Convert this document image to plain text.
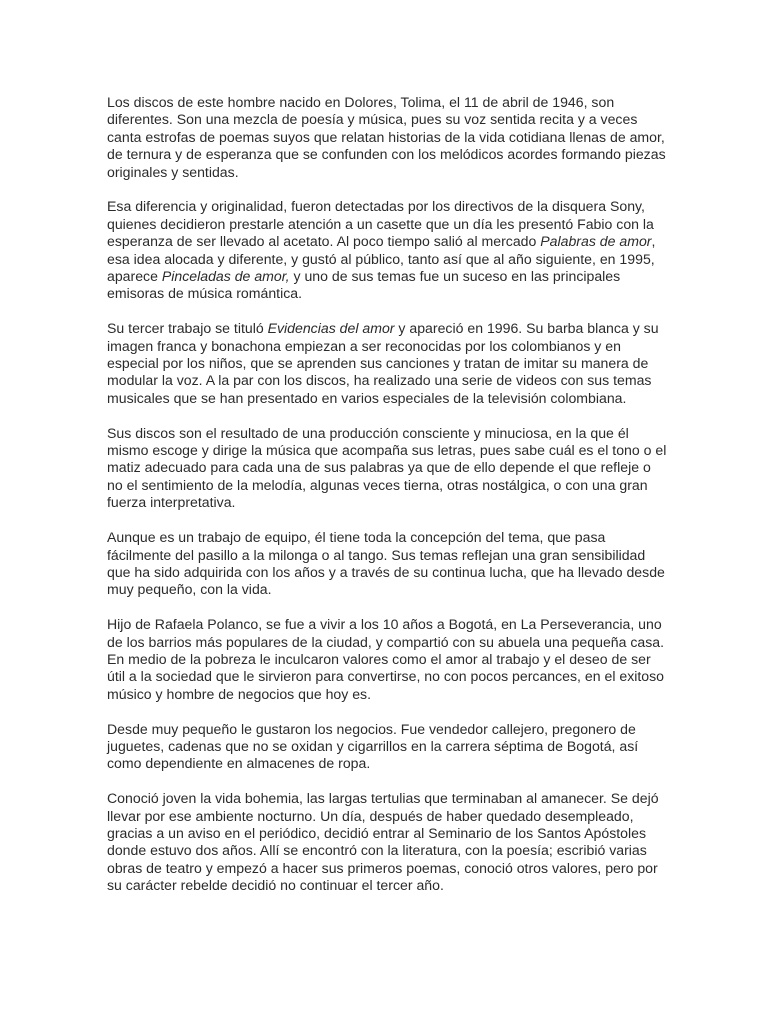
Los discos de este hombre nacido en Dolores, Tolima, el 11 de abril de 1946, son diferentes. Son una mezcla de poesía y música, pues su voz sentida recita y a veces canta estrofas de poemas suyos que relatan historias de la vida cotidiana llenas de amor, de ternura y de esperanza que se confunden con los melódicos acordes formando piezas originales y sentidas.

Esa diferencia y originalidad, fueron detectadas por los directivos de la disquera Sony, quienes decidieron prestarle atención a un casette que un día les presentó Fabio con la esperanza de ser llevado al acetato. Al poco tiempo salió al mercado Palabras de amor, esa idea alocada y diferente, y gustó al público, tanto así que al año siguiente, en 1995, aparece Pinceladas de amor, y uno de sus temas fue un suceso en las principales emisoras de música romántica.

Su tercer trabajo se tituló Evidencias del amor y apareció en 1996. Su barba blanca y su imagen franca y bonachona empiezan a ser reconocidas por los colombianos y en especial por los niños, que se aprenden sus canciones y tratan de imitar su manera de modular la voz. A la par con los discos, ha realizado una serie de videos con sus temas musicales que se han presentado en varios especiales de la televisión colombiana.

Sus discos son el resultado de una producción consciente y minuciosa, en la que él mismo escoge y dirige la música que acompaña sus letras, pues sabe cuál es el tono o el matiz adecuado para cada una de sus palabras ya que de ello depende el que refleje o no el sentimiento de la melodía, algunas veces tierna, otras nostálgica, o con una gran fuerza interpretativa.

Aunque es un trabajo de equipo, él tiene toda la concepción del tema, que pasa fácilmente del pasillo a la milonga o al tango. Sus temas reflejan una gran sensibilidad que ha sido adquirida con los años y a través de su continua lucha, que ha llevado desde muy pequeño, con la vida.

Hijo de Rafaela Polanco, se fue a vivir a los 10 años a Bogotá, en La Perseverancia, uno de los barrios más populares de la ciudad, y compartió con su abuela una pequeña casa. En medio de la pobreza le inculcaron valores como el amor al trabajo y el deseo de ser útil a la sociedad que le sirvieron para convertirse, no con pocos percances, en el exitoso músico y hombre de negocios que hoy es.

Desde muy pequeño le gustaron los negocios. Fue vendedor callejero, pregonero de juguetes, cadenas que no se oxidan y cigarrillos en la carrera séptima de Bogotá, así como dependiente en almacenes de ropa.

Conoció joven la vida bohemia, las largas tertulias que terminaban al amanecer. Se dejó llevar por ese ambiente nocturno. Un día, después de haber quedado desempleado, gracias a un aviso en el periódico, decidió entrar al Seminario de los Santos Apóstoles donde estuvo dos años. Allí se encontró con la literatura, con la poesía; escribió varias obras de teatro y empezó a hacer sus primeros poemas, conoció otros valores, pero por su carácter rebelde decidió no continuar el tercer año.
